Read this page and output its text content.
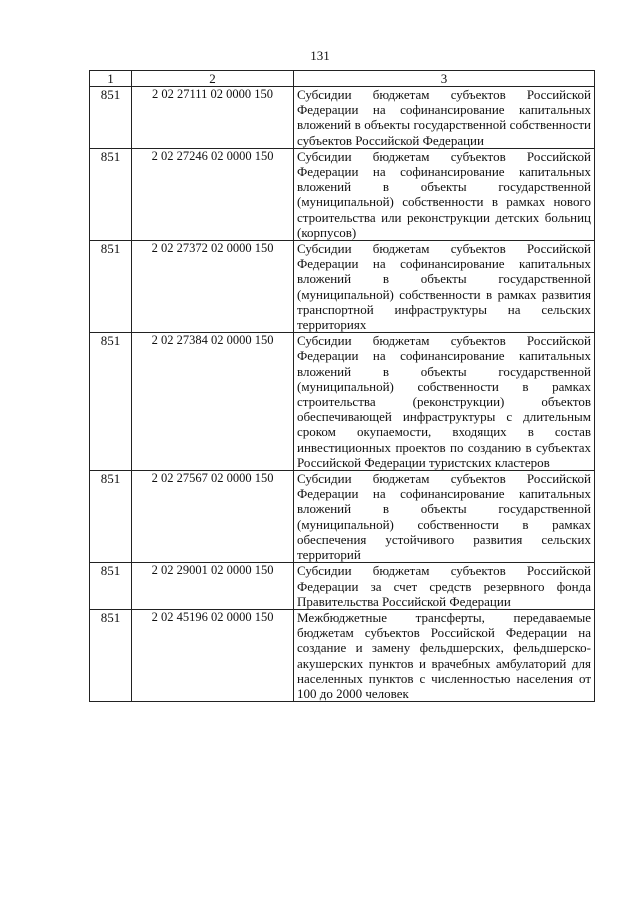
131
1	2	3
851	2 02 27111 02 0000 150	Субсидии бюджетам субъектов Российской Федерации на софинансирование капитальных вложений в объекты государственной собственности субъектов Российской Федерации
851	2 02 27246 02 0000 150	Субсидии бюджетам субъектов Российской Федерации на софинансирование капитальных вложений в объекты государственной (муниципальной) собственности в рамках нового строительства или реконструкции детских больниц (корпусов)
851	2 02 27372 02 0000 150	Субсидии бюджетам субъектов Российской Федерации на софинансирование капитальных вложений в объекты государственной (муниципальной) собственности в рамках развития транспортной инфраструктуры на сельских территориях
851	2 02 27384 02 0000 150	Субсидии бюджетам субъектов Российской Федерации на софинансирование капитальных вложений в объекты государственной (муниципальной) собственности в рамках строительства (реконструкции) объектов обеспечивающей инфраструктуры с длительным сроком окупаемости, входящих в состав инвестиционных проектов по созданию в субъектах Российской Федерации туристских кластеров
851	2 02 27567 02 0000 150	Субсидии бюджетам субъектов Российской Федерации на софинансирование капитальных вложений в объекты государственной (муниципальной) собственности в рамках обеспечения устойчивого развития сельских территорий
851	2 02 29001 02 0000 150	Субсидии бюджетам субъектов Российской Федерации за счет средств резервного фонда Правительства Российской Федерации
851	2 02 45196 02 0000 150	Межбюджетные трансферты, передаваемые бюджетам субъектов Российской Федерации на создание и замену фельдшерских, фельдшерско-акушерских пунктов и врачебных амбулаторий для населенных пунктов с численностью населения от 100 до 2000 человек
